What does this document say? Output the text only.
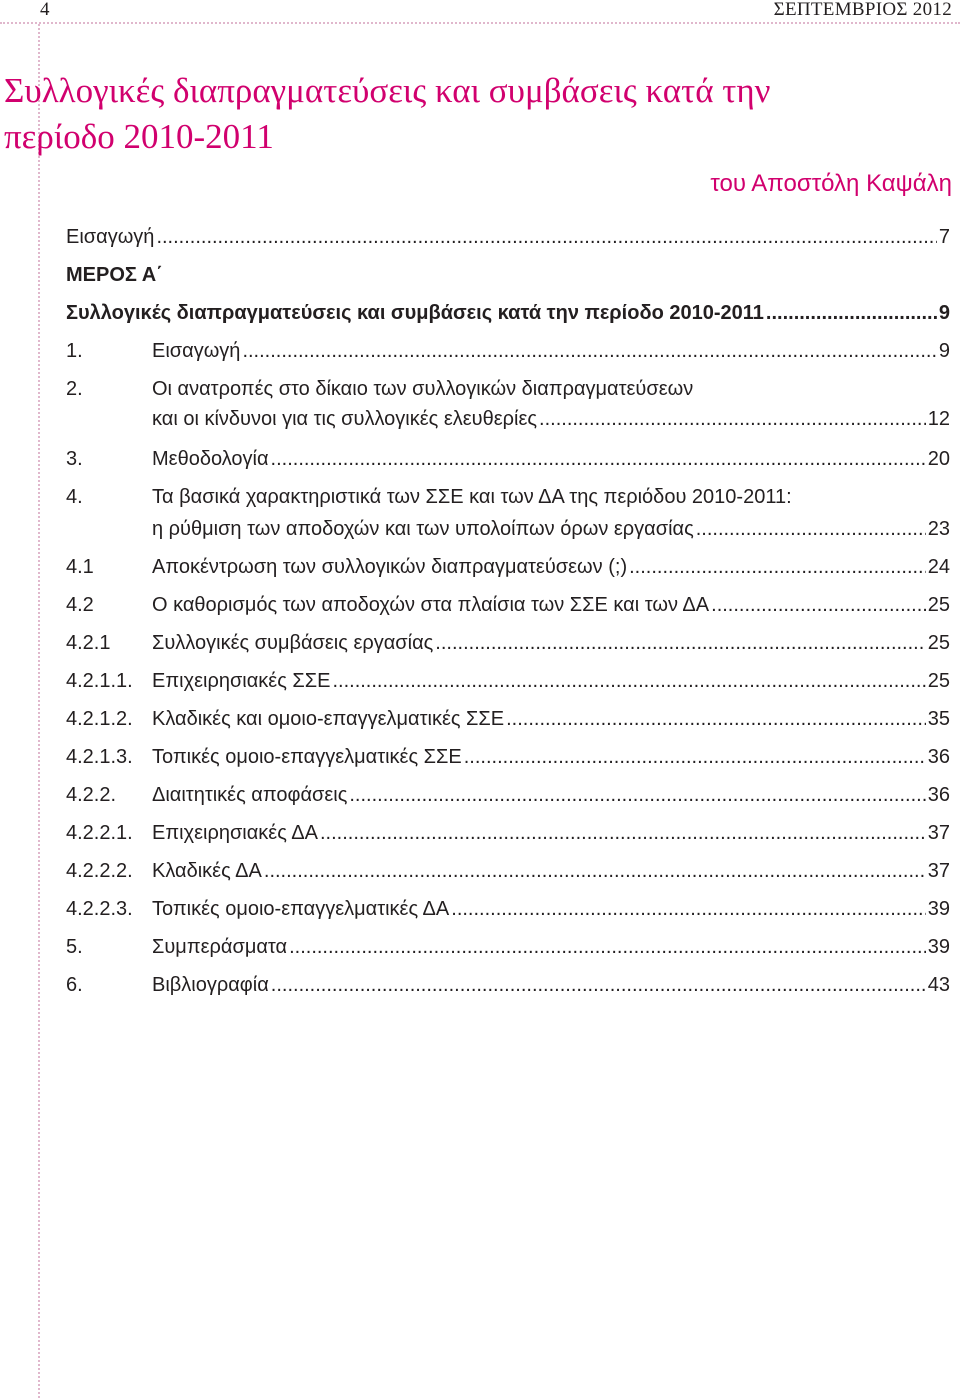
4	ΣΕΠΤΕΜΒΡΙΟΣ 2012
Συλλογικές διαπραγματεύσεις και συμβάσεις κατά την
περίοδο 2010-2011
του Αποστόλη Καψάλη
Εισαγωγή .....	7
ΜΕΡΟΣ Α΄
Συλλογικές διαπραγματεύσεις και συμβάσεις κατά την περίοδο 2010-2011 .....	9
1.	Εισαγωγή .....	9
2.	Οι ανατροπές στο δίκαιο των συλλογικών διαπραγματεύσεων
και οι κίνδυνοι για τις συλλογικές ελευθερίες .....	12
3.	Μεθοδολογία .....	20
4.	Τα βασικά χαρακτηριστικά των ΣΣΕ και των ΔΑ της περιόδου 2010-2011:
η ρύθμιση των αποδοχών και των υπολοίπων όρων εργασίας .....	23
4.1	Αποκέντρωση των συλλογικών διαπραγματεύσεων (;) .....	24
4.2	Ο καθορισμός των αποδοχών στα πλαίσια των ΣΣΕ και των ΔΑ .....	25
4.2.1	Συλλογικές συμβάσεις εργασίας .....	25
4.2.1.1. Επιχειρησιακές ΣΣΕ .....	25
4.2.1.2. Κλαδικές και ομοιο-επαγγελματικές ΣΣΕ .....	35
4.2.1.3. Τοπικές ομοιο-επαγγελματικές ΣΣΕ .....	36
4.2.2.	Διαιτητικές αποφάσεις .....	36
4.2.2.1. Επιχειρησιακές ΔΑ .....	37
4.2.2.2. Κλαδικές ΔΑ .....	37
4.2.2.3. Τοπικές ομοιο-επαγγελματικές ΔΑ .....	39
5.	Συμπεράσματα .....	39
6.	Βιβλιογραφία .....	43
